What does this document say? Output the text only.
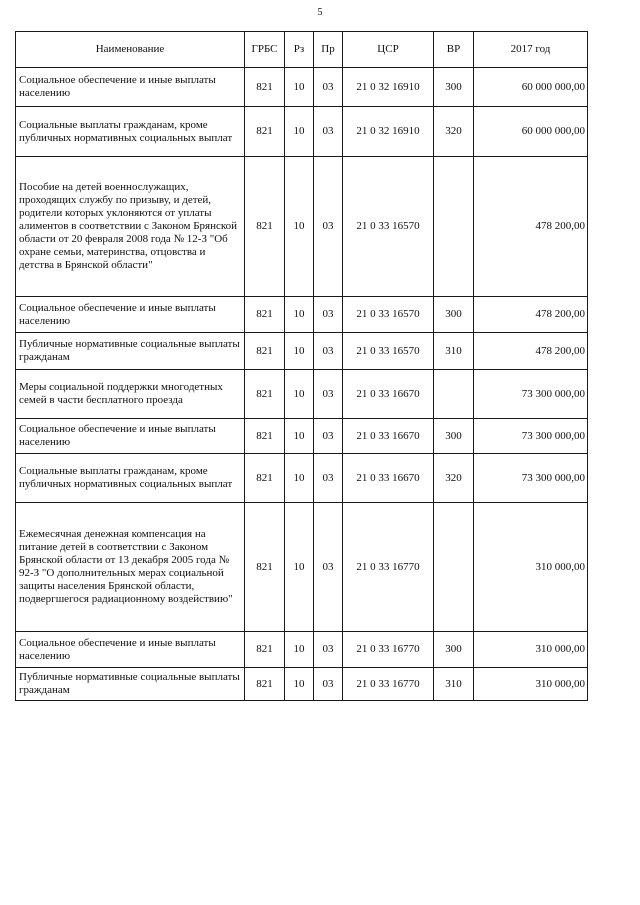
5
Наименование	ГРБС	Рз	Пр	ЦСР	ВР	2017 год
Социальное обеспечение и иные выплаты населению	821	10	03	21 0 32 16910	300	60 000 000,00
Социальные выплаты гражданам, кроме публичных нормативных социальных выплат	821	10	03	21 0 32 16910	320	60 000 000,00
Пособие на детей военнослужащих, проходящих службу по призыву, и детей, родители которых уклоняются от уплаты алиментов в соответствии с Законом Брянской области от 20 февраля 2008 года № 12-З "Об охране семьи, материнства, отцовства и детства в Брянской области"	821	10	03	21 0 33 16570		478 200,00
Социальное обеспечение и иные выплаты населению	821	10	03	21 0 33 16570	300	478 200,00
Публичные нормативные социальные выплаты гражданам	821	10	03	21 0 33 16570	310	478 200,00
Меры социальной поддержки многодетных семей в части бесплатного проезда	821	10	03	21 0 33 16670		73 300 000,00
Социальное обеспечение и иные выплаты населению	821	10	03	21 0 33 16670	300	73 300 000,00
Социальные выплаты гражданам, кроме публичных нормативных социальных выплат	821	10	03	21 0 33 16670	320	73 300 000,00
Ежемесячная денежная компенсация на питание детей в соответствии с Законом Брянской области от 13 декабря 2005 года № 92-З "О дополнительных мерах социальной защиты населения Брянской области, подвергшегося радиационному воздействию"	821	10	03	21 0 33 16770		310 000,00
Социальное обеспечение и иные выплаты населению	821	10	03	21 0 33 16770	300	310 000,00
Публичные нормативные социальные выплаты гражданам	821	10	03	21 0 33 16770	310	310 000,00
